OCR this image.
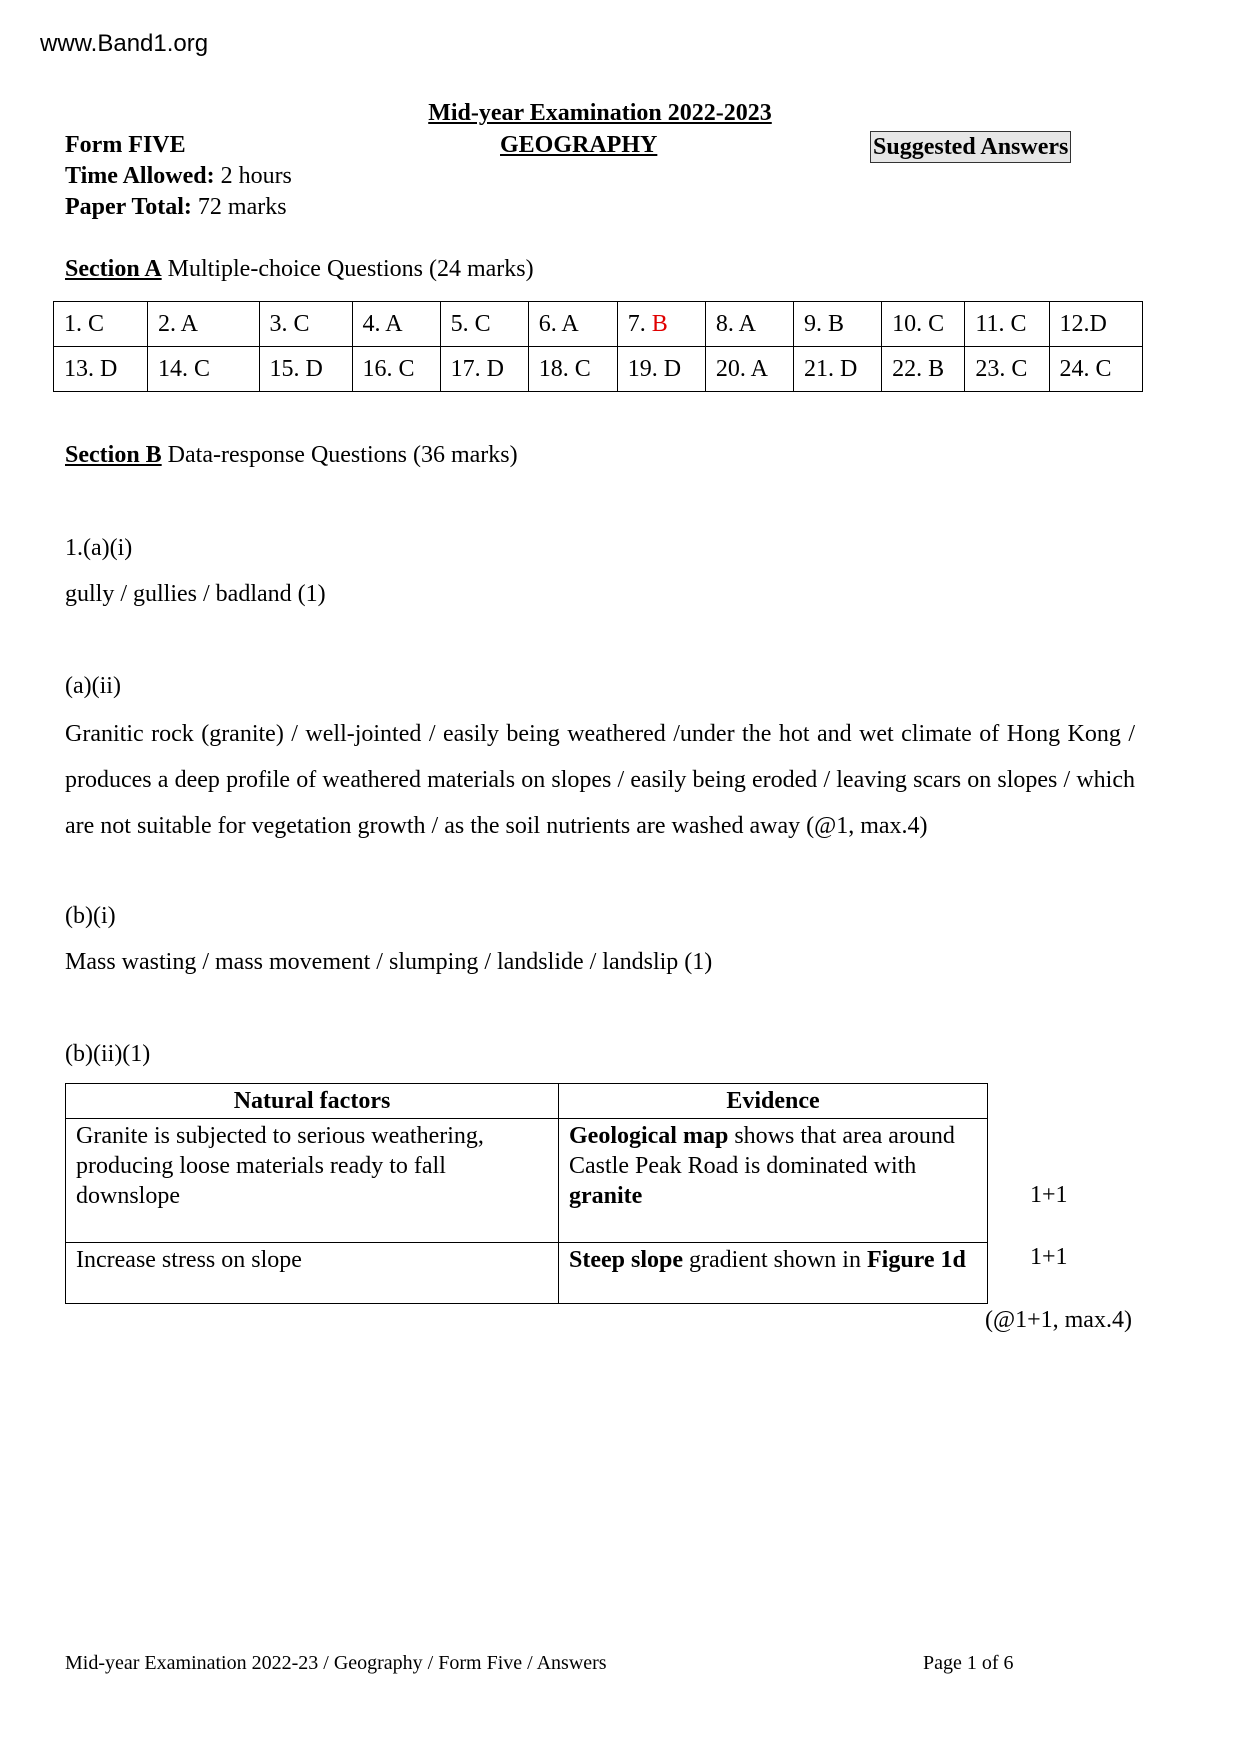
www.Band1.org
Mid-year Examination 2022-2023
Form FIVE	GEOGRAPHY	Suggested Answers
Time Allowed: 2 hours
Paper Total: 72 marks
Section A Multiple-choice Questions (24 marks)
1. C	2. A	3. C	4. A	5. C	6. A	7. B	8. A	9. B	10. C	11. C	12.D
13. D	14. C	15. D	16. C	17. D	18. C	19. D	20. A	21. D	22. B	23. C	24. C
Section B Data-response Questions (36 marks)
1.(a)(i)
gully / gullies / badland (1)
(a)(ii)
Granitic rock (granite) / well-jointed / easily being weathered /under the hot and wet climate of Hong Kong / produces a deep profile of weathered materials on slopes / easily being eroded / leaving scars on slopes / which are not suitable for vegetation growth / as the soil nutrients are washed away (@1, max.4)
(b)(i)
Mass wasting / mass movement / slumping / landslide / landslip (1)
(b)(ii)(1)
Natural factors	Evidence
Granite is subjected to serious weathering, producing loose materials ready to fall downslope	Geological map shows that area around Castle Peak Road is dominated with granite
Increase stress on slope	Steep slope gradient shown in Figure 1d
1+1
1+1
(@1+1, max.4)
Mid-year Examination 2022-23 / Geography / Form Five / Answers	Page 1 of 6
